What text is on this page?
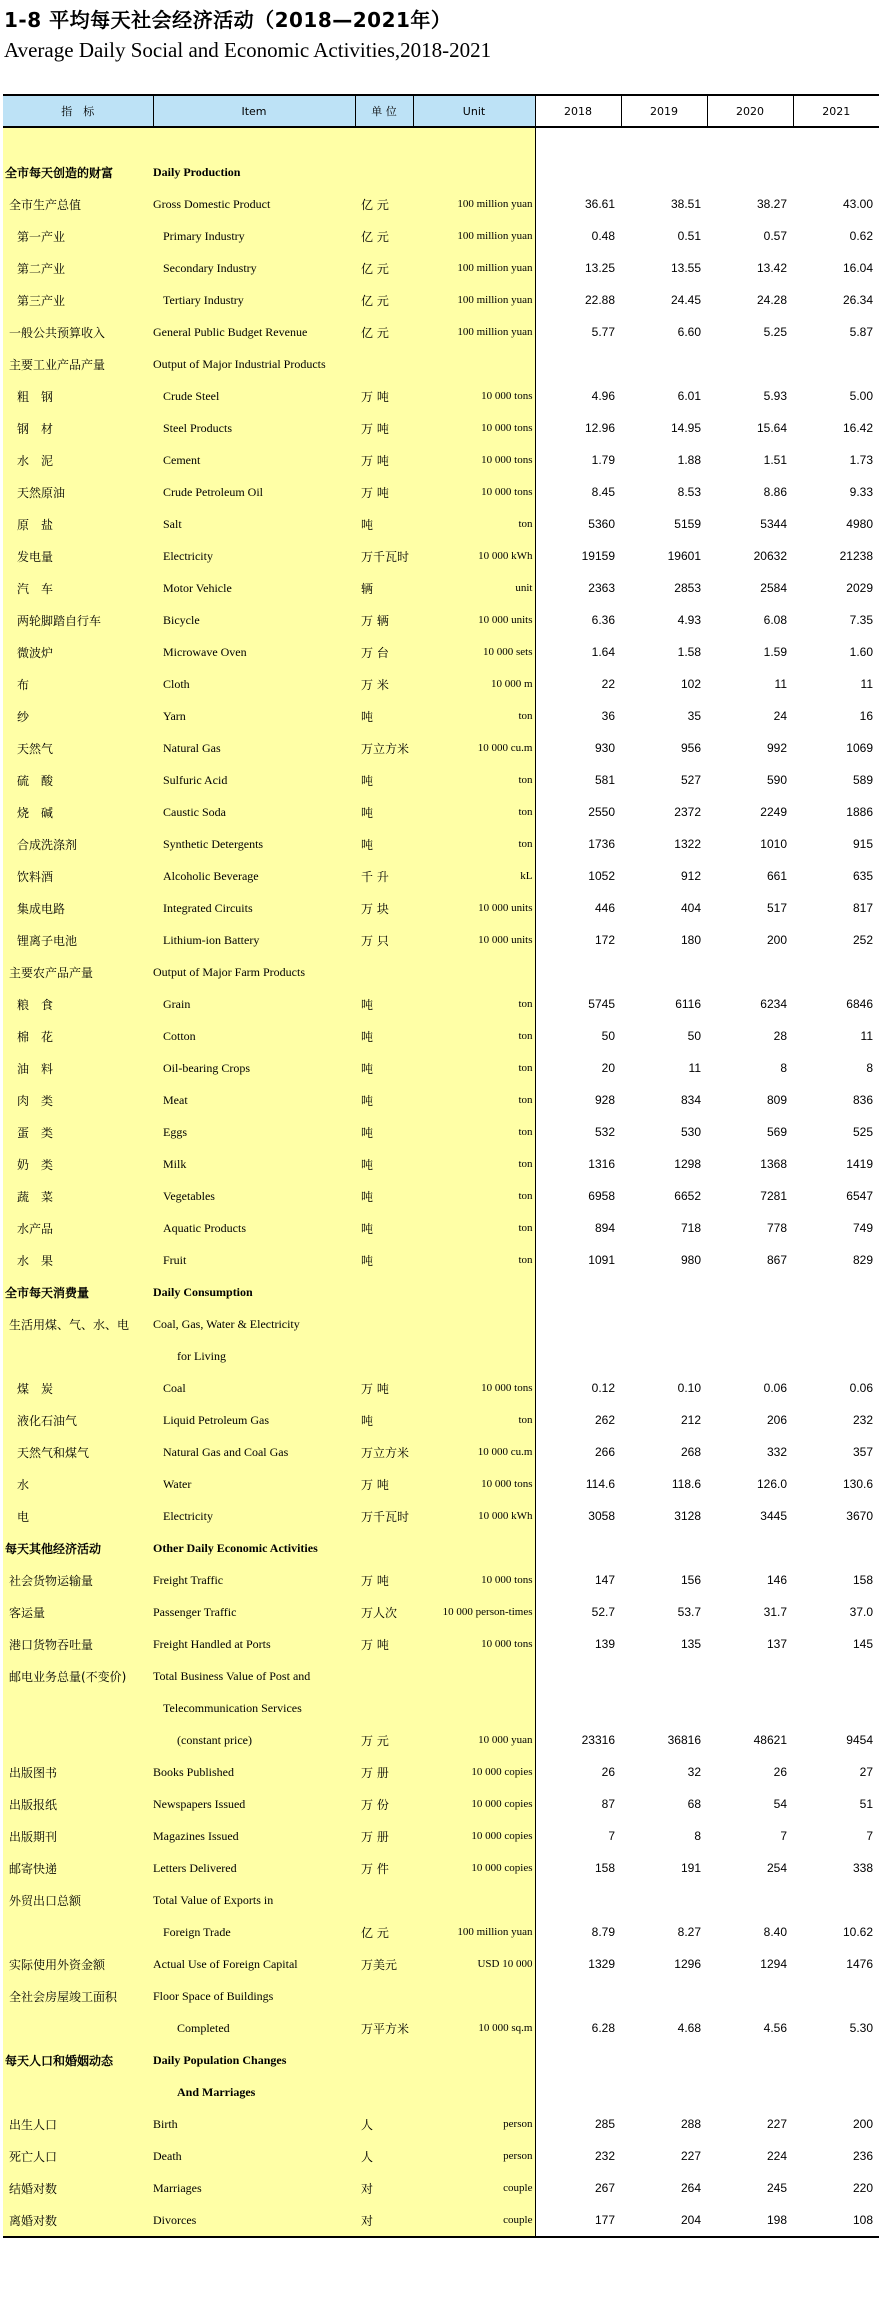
1-8 平均每天社会经济活动（2018—2021年）
Average Daily Social and Economic Activities,2018-2021
指　标	Item	单 位	Unit	2018	2019	2020	2021

全市每天创造的财富	Daily Production						
全市生产总值	Gross Domestic Product	亿 元	100 million yuan	36.61	38.51	38.27	43.00
第一产业	Primary Industry	亿 元	100 million yuan	0.48	0.51	0.57	0.62
第二产业	Secondary Industry	亿 元	100 million yuan	13.25	13.55	13.42	16.04
第三产业	Tertiary Industry	亿 元	100 million yuan	22.88	24.45	24.28	26.34
一般公共预算收入	General Public Budget Revenue	亿 元	100 million yuan	5.77	6.60	5.25	5.87
主要工业产品产量	Output of Major Industrial Products						
粗　钢	Crude Steel	万 吨	10 000 tons	4.96	6.01	5.93	5.00
钢　材	Steel Products	万 吨	10 000 tons	12.96	14.95	15.64	16.42
水　泥	Cement	万 吨	10 000 tons	1.79	1.88	1.51	1.73
天然原油	Crude Petroleum Oil	万 吨	10 000 tons	8.45	8.53	8.86	9.33
原　盐	Salt	吨	ton	5360	5159	5344	4980
发电量	Electricity	万千瓦时	10 000 kWh	19159	19601	20632	21238
汽　车	Motor Vehicle	辆	unit	2363	2853	2584	2029
两轮脚踏自行车	Bicycle	万 辆	10 000 units	6.36	4.93	6.08	7.35
微波炉	Microwave Oven	万 台	10 000 sets	1.64	1.58	1.59	1.60
布	Cloth	万 米	10 000 m	22	102	11	11
纱	Yarn	吨	ton	36	35	24	16
天然气	Natural Gas	万立方米	10 000 cu.m	930	956	992	1069
硫　酸	Sulfuric Acid	吨	ton	581	527	590	589
烧　碱	Caustic Soda	吨	ton	2550	2372	2249	1886
合成洗涤剂	Synthetic Detergents	吨	ton	1736	1322	1010	915
饮料酒	Alcoholic Beverage	千 升	kL	1052	912	661	635
集成电路	Integrated Circuits	万 块	10 000 units	446	404	517	817
锂离子电池	Lithium-ion Battery	万 只	10 000 units	172	180	200	252
主要农产品产量	Output of Major Farm Products						
粮　食	Grain	吨	ton	5745	6116	6234	6846
棉　花	Cotton	吨	ton	50	50	28	11
油　料	Oil-bearing Crops	吨	ton	20	11	8	8
肉　类	Meat	吨	ton	928	834	809	836
蛋　类	Eggs	吨	ton	532	530	569	525
奶　类	Milk	吨	ton	1316	1298	1368	1419
蔬　菜	Vegetables	吨	ton	6958	6652	7281	6547
水产品	Aquatic Products	吨	ton	894	718	778	749
水　果	Fruit	吨	ton	1091	980	867	829
全市每天消费量	Daily Consumption						
生活用煤、气、水、电	Coal, Gas, Water & Electricity						
	for Living						
煤　炭	Coal	万 吨	10 000 tons	0.12	0.10	0.06	0.06
液化石油气	Liquid Petroleum Gas	吨	ton	262	212	206	232
天然气和煤气	Natural Gas and Coal Gas	万立方米	10 000 cu.m	266	268	332	357
水	Water	万 吨	10 000 tons	114.6	118.6	126.0	130.6
电	Electricity	万千瓦时	10 000 kWh	3058	3128	3445	3670
每天其他经济活动	Other Daily Economic Activities						
社会货物运输量	Freight Traffic	万 吨	10 000 tons	147	156	146	158
客运量	Passenger Traffic	万人次	10 000 person-times	52.7	53.7	31.7	37.0
港口货物吞吐量	Freight Handled at Ports	万 吨	10 000 tons	139	135	137	145
邮电业务总量(不变价)	Total Business Value of Post and						
	Telecommunication Services						
	(constant price)	万 元	10 000 yuan	23316	36816	48621	9454
出版图书	Books Published	万 册	10 000 copies	26	32	26	27
出版报纸	Newspapers Issued	万 份	10 000 copies	87	68	54	51
出版期刊	Magazines Issued	万 册	10 000 copies	7	8	7	7
邮寄快递	Letters Delivered	万 件	10 000 copies	158	191	254	338
外贸出口总额	Total Value of Exports in						
	Foreign Trade	亿 元	100 million yuan	8.79	8.27	8.40	10.62
实际使用外资金额	Actual Use of Foreign Capital	万美元	USD 10 000	1329	1296	1294	1476
全社会房屋竣工面积	Floor Space of Buildings						
	Completed	万平方米	10 000 sq.m	6.28	4.68	4.56	5.30
每天人口和婚姻动态	Daily Population Changes						
	And Marriages						
出生人口	Birth	人	person	285	288	227	200
死亡人口	Death	人	person	232	227	224	236
结婚对数	Marriages	对	couple	267	264	245	220
离婚对数	Divorces	对	couple	177	204	198	108
